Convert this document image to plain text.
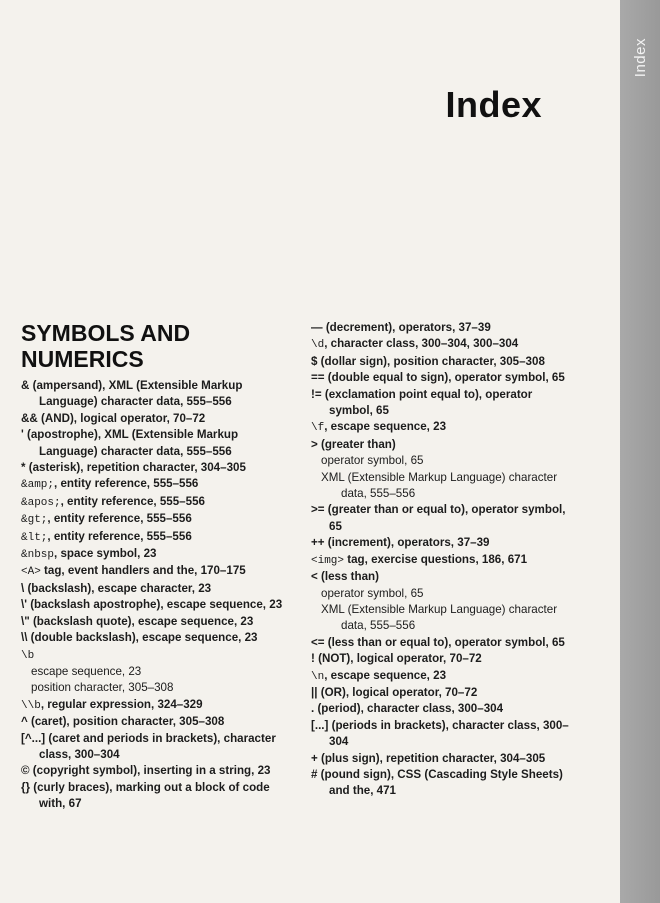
Index
SYMBOLS AND NUMERICS

& (ampersand), XML (Extensible Markup Language) character data, 555–556

&& (AND), logical operator, 70–72

' (apostrophe), XML (Extensible Markup Language) character data, 555–556

* (asterisk), repetition character, 304–305

&amp;, entity reference, 555–556

&apos;, entity reference, 555–556

&gt;, entity reference, 555–556

&lt;, entity reference, 555–556

&nbsp, space symbol, 23

<A> tag, event handlers and the, 170–175

\ (backslash), escape character, 23

\' (backslash apostrophe), escape sequence, 23

\" (backslash quote), escape sequence, 23

\\ (double backslash), escape sequence, 23

\b

escape sequence, 23

position character, 305–308

\\b, regular expression, 324–329

^ (caret), position character, 305–308

[^...] (caret and periods in brackets), character class, 300–304

© (copyright symbol), inserting in a string, 23

{} (curly braces), marking out a block of code with, 67

— (decrement), operators, 37–39

\d, character class, 300–304, 300–304

$ (dollar sign), position character, 305–308

== (double equal to sign), operator symbol, 65

!= (exclamation point equal to), operator symbol, 65

\f, escape sequence, 23

> (greater than)

operator symbol, 65

XML (Extensible Markup Language) character data, 555–556

>= (greater than or equal to), operator symbol, 65

++ (increment), operators, 37–39

<img> tag, exercise questions, 186, 671

< (less than)

operator symbol, 65

XML (Extensible Markup Language) character data, 555–556

<= (less than or equal to), operator symbol, 65

! (NOT), logical operator, 70–72

\n, escape sequence, 23

|| (OR), logical operator, 70–72

. (period), character class, 300–304

[...] (periods in brackets), character class, 300–304

+ (plus sign), repetition character, 304–305

# (pound sign), CSS (Cascading Style Sheets) and the, 471

Index
